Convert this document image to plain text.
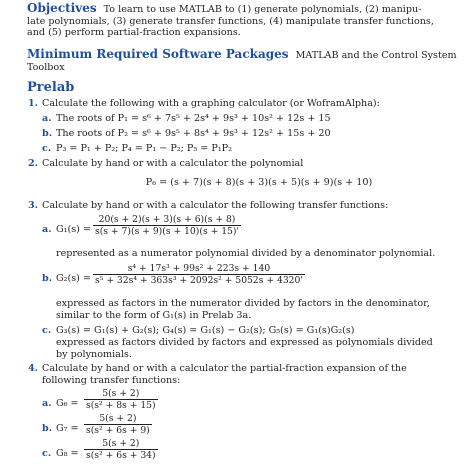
Objectives To learn to use MATLAB to (1) generate polynomials, (2) manipu-
late polynomials, (3) generate transfer functions, (4) manipulate transfer functions,
and (5) perform partial-fraction expansions.
Minimum Required Software Packages MATLAB and the Control System
Toolbox
Prelab
1. Calculate the following with a graphing calculator (or WoframAlpha):
a. The roots of P₁ = s⁶ + 7s⁵ + 2s⁴ + 9s³ + 10s² + 12s + 15
b. The roots of P₂ = s⁶ + 9s⁵ + 8s⁴ + 9s³ + 12s² + 15s + 20
c. P₃ = P₁ + P₂; P₄ = P₁ − P₂; P₅ = P₁P₂
2. Calculate by hand or with a calculator the polynomial
P₆ = (s + 7)(s + 8)(s + 3)(s + 5)(s + 9)(s + 10)
3. Calculate by hand or with a calculator the following transfer functions:
a. $G_1(s) = \frac{20(s + 2)(s + 3)(s + 6)(s + 8)}{s(s + 7)(s + 9)(s + 10)(s + 15)'}$
represented as a numerator polynomial divided by a denominator polynomial.
b. $G_2(s) = \frac{\text{s⁴ + 17s³ + 99s² + 223s + 140}}{\text{s⁵ + 32s⁴ + 363s³ + 2092s² + 5052s + 4320'}}$
expressed as factors in the numerator divided by factors in the denominator,
similar to the form of G₁(s) in Prelab 3a.
c. G₃(s) = G₁(s) + G₂(s); G₄(s) = G₁(s) − G₂(s); G₅(s) = G₁(s)G₂(s)
expressed as factors divided by factors and expressed as polynomials divided
by polynomials.
4. Calculate by hand or with a calculator the partial-fraction expansion of the
following transfer functions:
a. $G_6 = \frac{5(s + 2)}{\text{s(s² + 8s + 15)}}$
b. $G_7 = \frac{5(s + 2)}{\text{s(s² + 6s + 9)}}$
c. $G_8 = \frac{5(s + 2)}{\text{s(s² + 6s + 34)}}$
